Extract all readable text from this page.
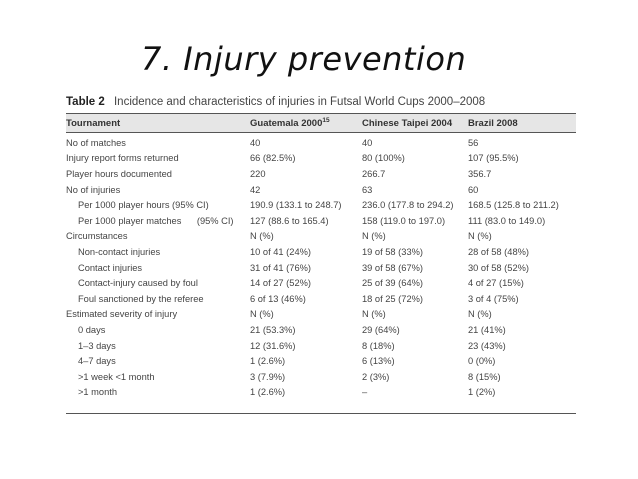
7. Injury prevention
Table 2 Incidence and characteristics of injuries in Futsal World Cups 2000–2008
Tournament	Guatemala 2000$^{15}$	Chinese Taipei 2004	Brazil 2008
No of matches	40	40	56
Injury report forms returned	66 (82.5%)	80 (100%)	107 (95.5%)
Player hours documented	220	266.7	356.7
No of injuries	42	63	60
Per 1000 player hours (95% CI)	190.9 (133.1 to 248.7)	236.0 (177.8 to 294.2)	168.5 (125.8 to 211.2)
Per 1000 player matches      (95% CI)	127 (88.6 to 165.4)	158 (119.0 to 197.0)	111 (83.0 to 149.0)
Circumstances	N (%)	N (%)	N (%)
Non-contact injuries	10 of 41 (24%)	19 of 58 (33%)	28 of 58 (48%)
Contact injuries	31 of 41 (76%)	39 of 58 (67%)	30 of 58 (52%)
Contact-injury caused by foul	14 of 27 (52%)	25 of 39 (64%)	4 of 27 (15%)
Foul sanctioned by the referee	6 of 13 (46%)	18 of 25 (72%)	3 of 4 (75%)
Estimated severity of injury	N (%)	N (%)	N (%)
0 days	21 (53.3%)	29 (64%)	21 (41%)
1–3 days	12 (31.6%)	8 (18%)	23 (43%)
4–7 days	1 (2.6%)	6 (13%)	0 (0%)
>1 week <1 month	3 (7.9%)	2 (3%)	8 (15%)
>1 month	1 (2.6%)	–	1 (2%)
